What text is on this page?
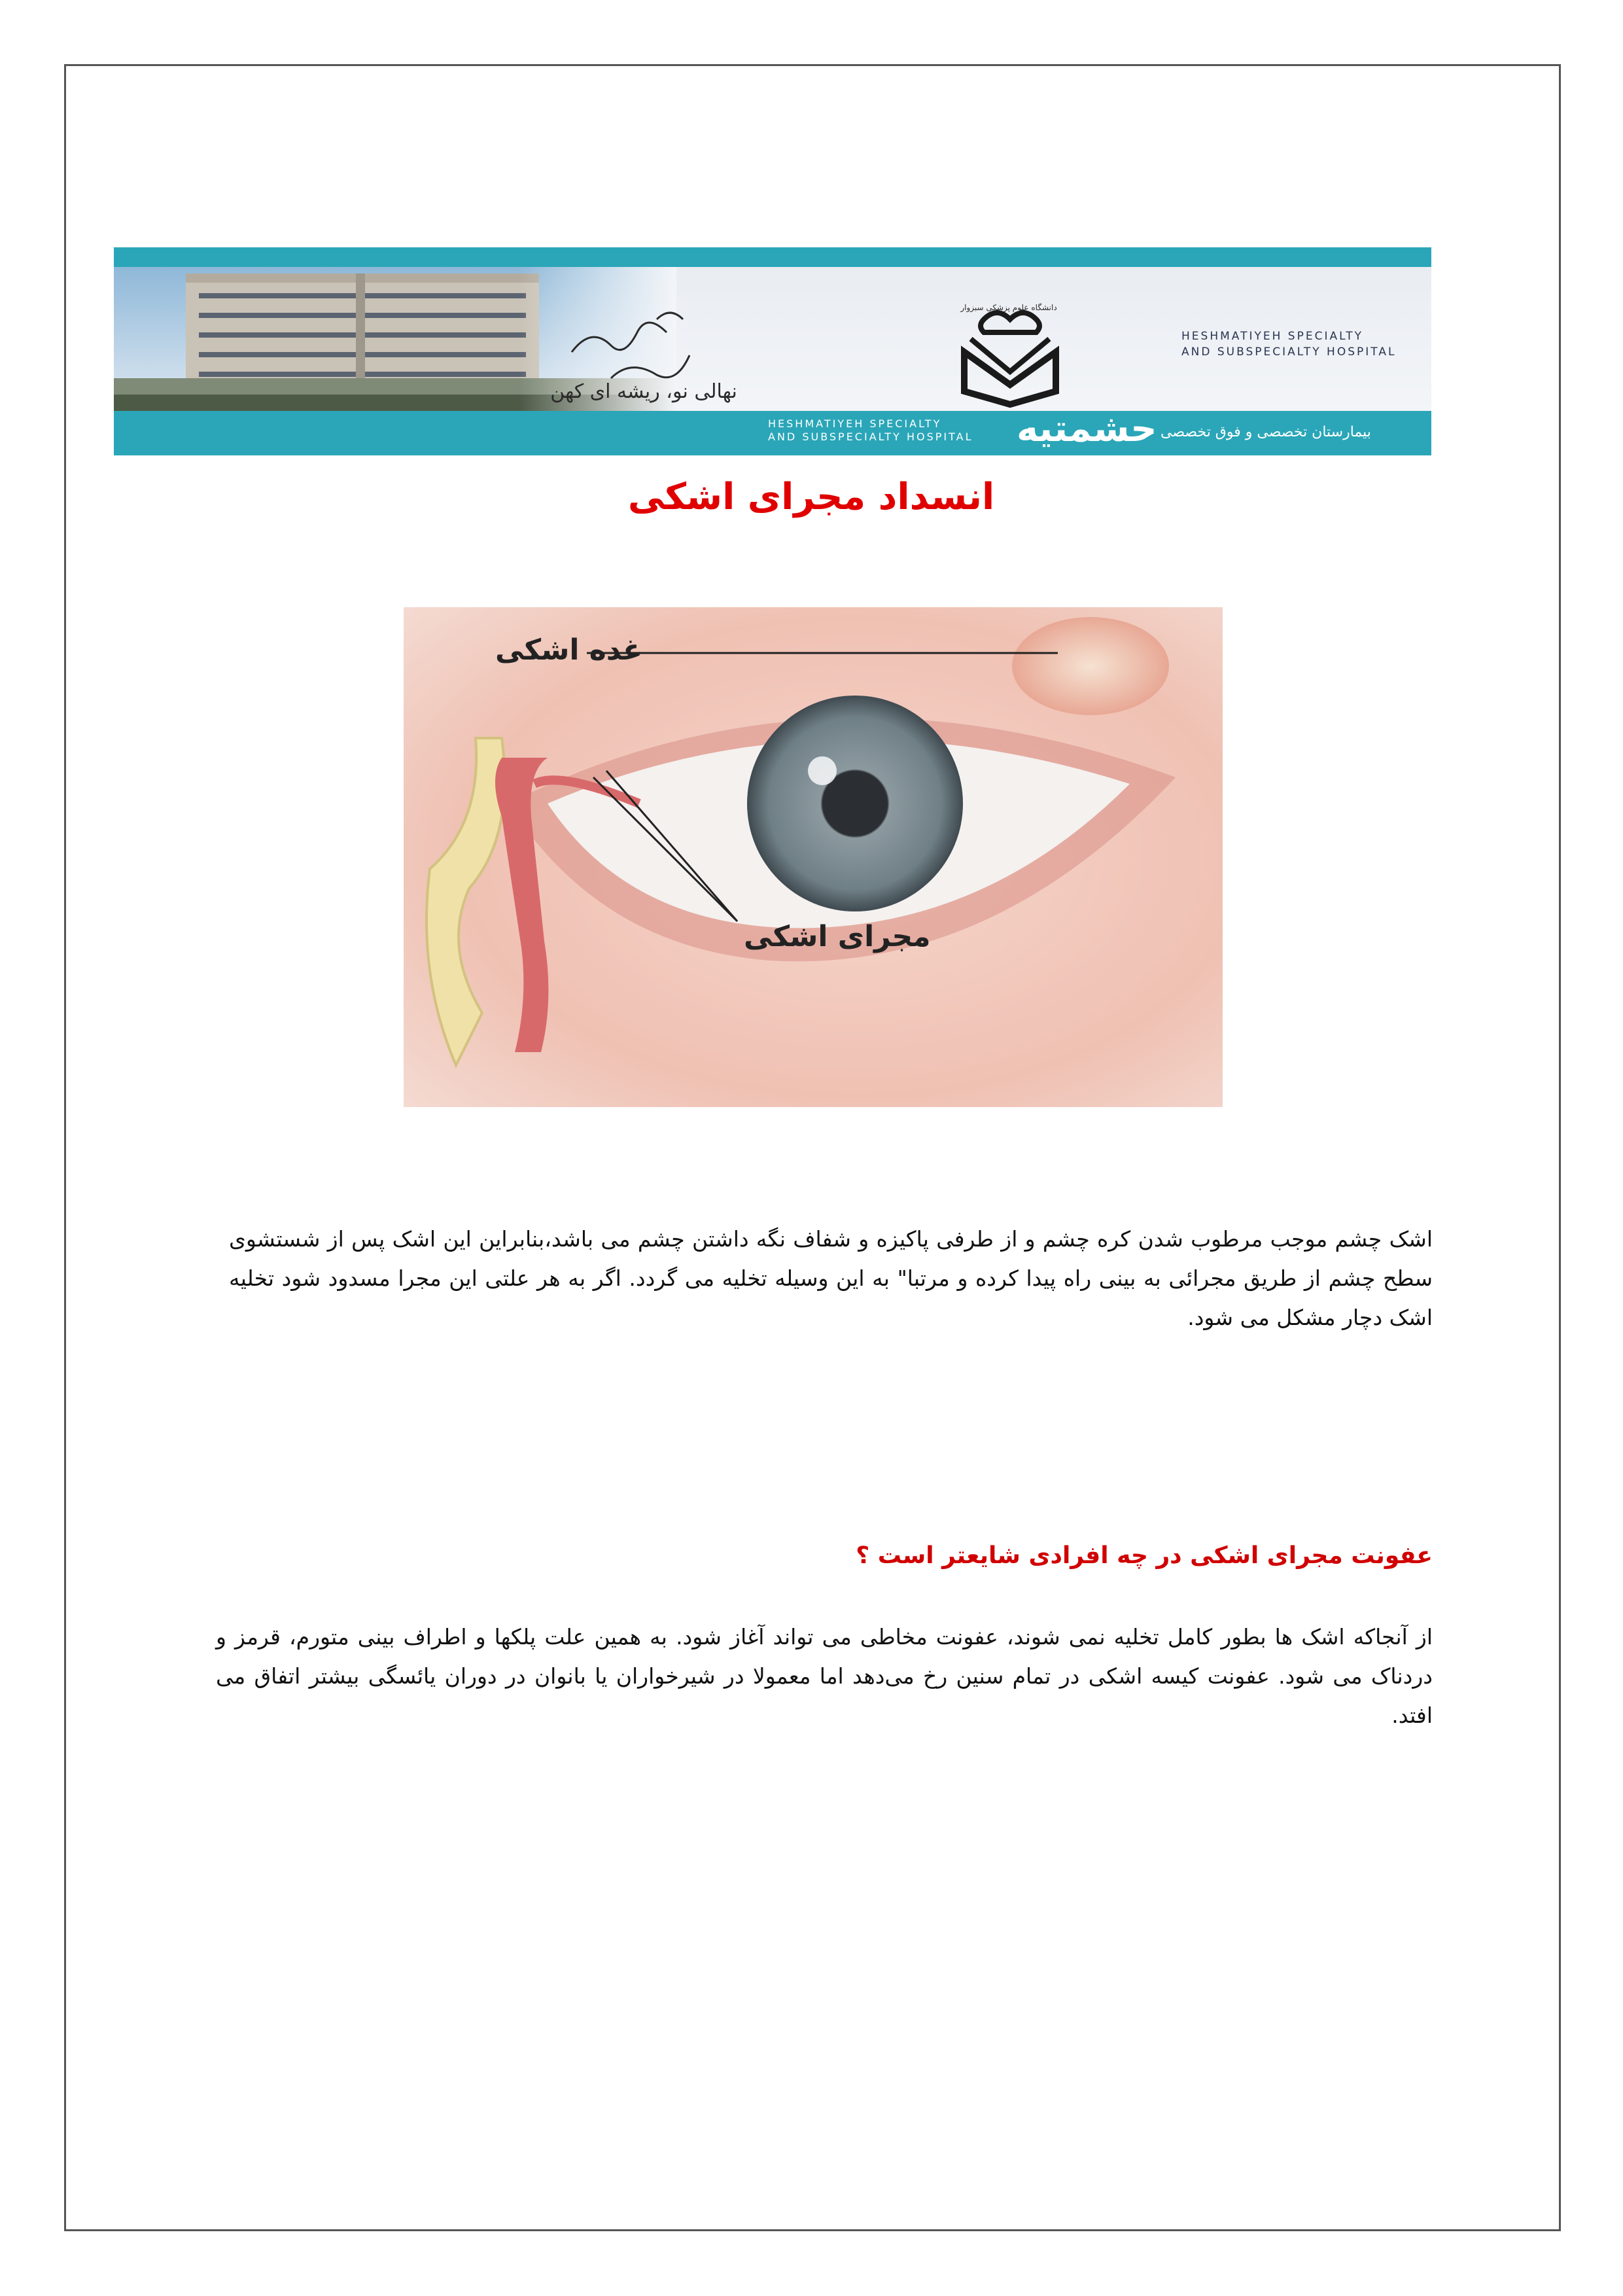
نهالی نو، ریشه ای کهن
دانشگاه علوم پزشکی سبزوار
HESHMATIYEH SPECIALTY
AND SUBSPECIALTY HOSPITAL
HESHMATIYEH SPECIALTY
AND SUBSPECIALTY HOSPITAL	حشمتیه بیمارستان تخصصی و فوق تخصصی
انسداد مجرای اشکی
غده اشکی
مجرای اشکی
اشک چشم موجب مرطوب شدن کره چشم و از طرفی پاکیزه و شفاف نگه داشتن چشم می باشد،بنابراین این اشک پس از شستشوی سطح چشم از طریق مجرائی به بینی راه پیدا کرده و مرتبا" به این وسیله تخلیه می گردد. اگر به هر علتی این مجرا مسدود شود تخلیه اشک دچار مشکل می شود.
عفونت مجرای اشکی در چه افرادی شایعتر است ؟
از آنجاکه اشک ها بطور کامل تخلیه نمی شوند، عفونت مخاطی می تواند آغاز شود. به همین علت پلکها و اطراف بینی متورم، قرمز و دردناک می شود. عفونت کیسه اشکی در تمام سنین رخ می‌دهد اما معمولا در شیرخواران یا بانوان در دوران یائسگی بیشتر اتفاق می افتد.
